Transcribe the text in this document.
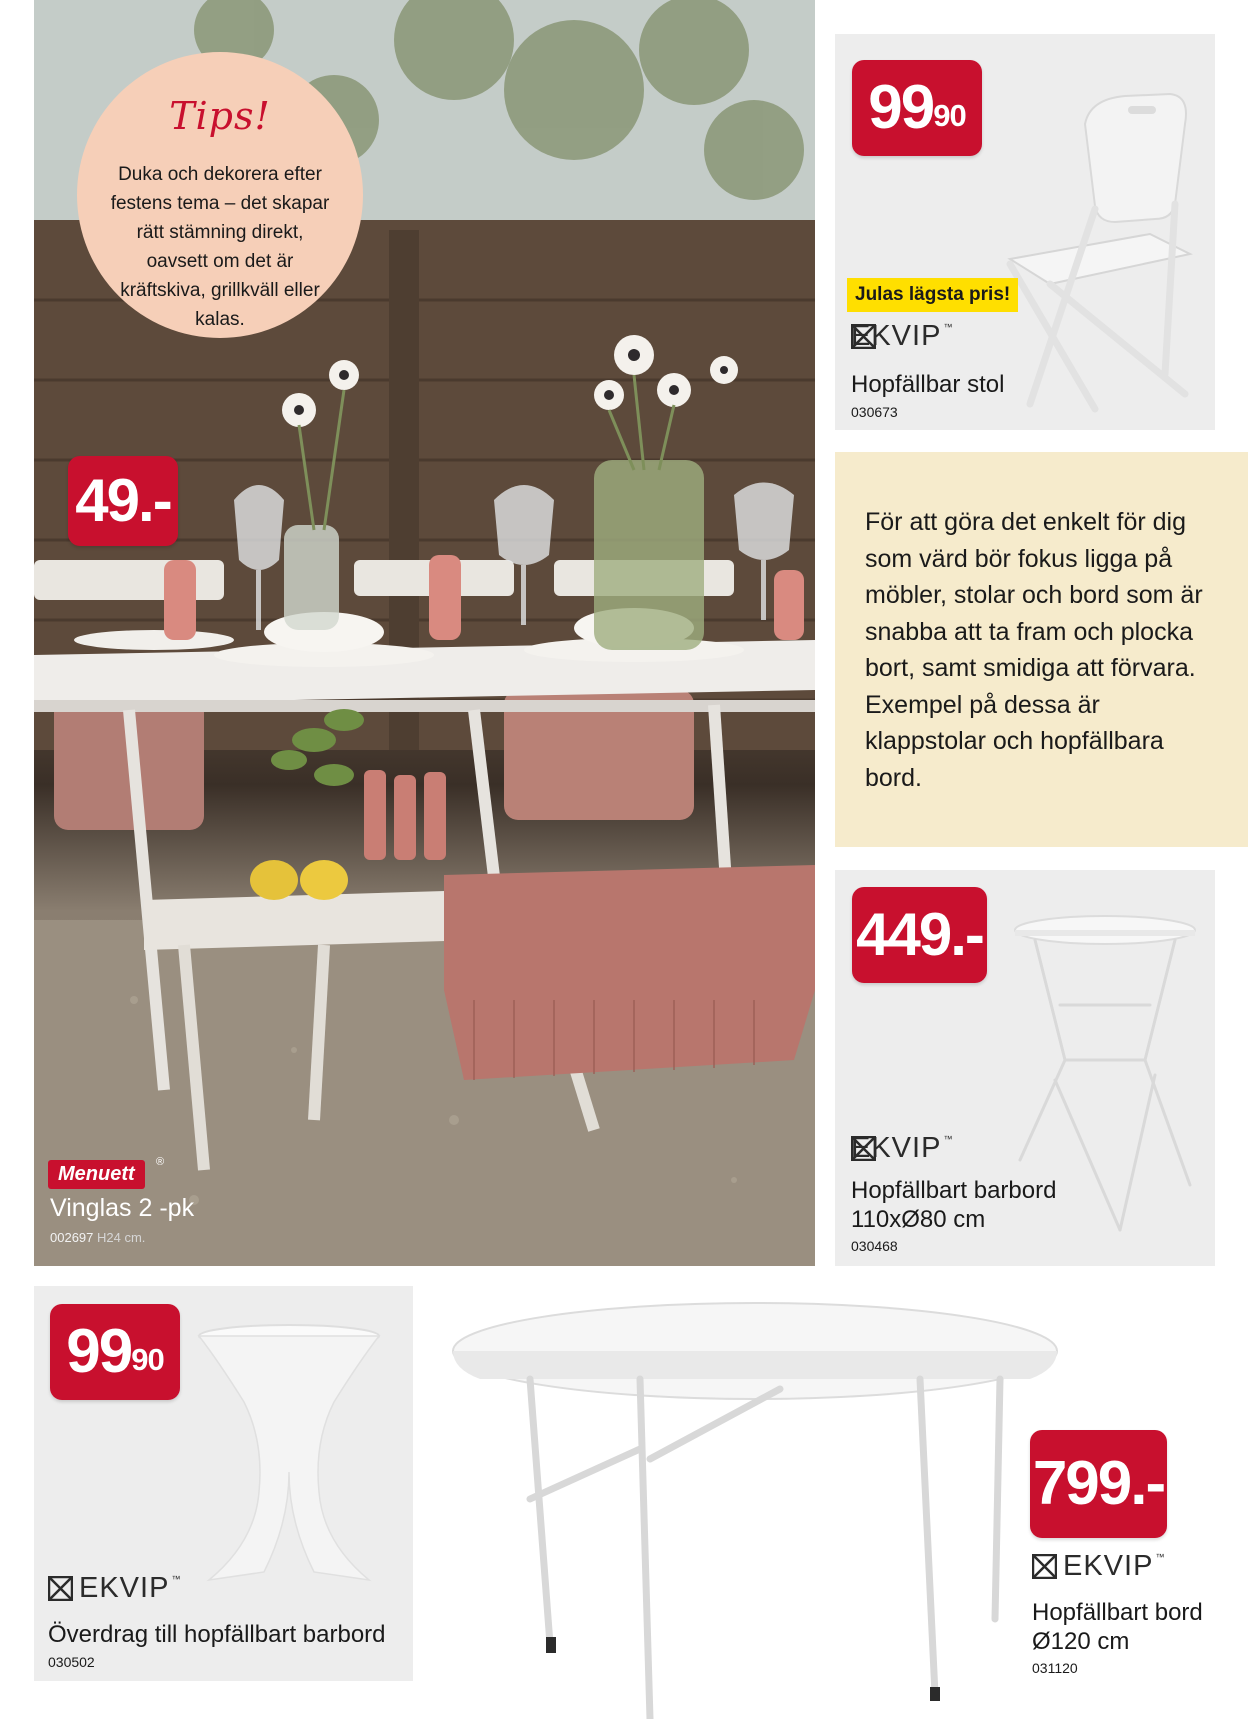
Tips!
Duka och dekorera efter festens tema – det skapar rätt stämning direkt, oavsett om det är kräftskiva, grillkväll eller kalas.
49.-
Menuett
®
Vinglas 2 -pk
002697 H24 cm.
$99^{90}$
Julas lägsta pris!
EKVIP ™
Hopfällbar stol
030673
För att göra det enkelt för dig som värd bör fokus ligga på möbler, stolar och bord som är snabba att ta fram och plocka bort, samt smidiga att förvara. Exempel på dessa är klappstolar och hopfällbara bord.
449.-
EKVIP ™
Hopfällbart barbord
110xØ80 cm
030468
$99^{90}$
EKVIP ™
Överdrag till hopfällbart barbord
030502
799.-
EKVIP ™
Hopfällbart bord
Ø120 cm
031120
